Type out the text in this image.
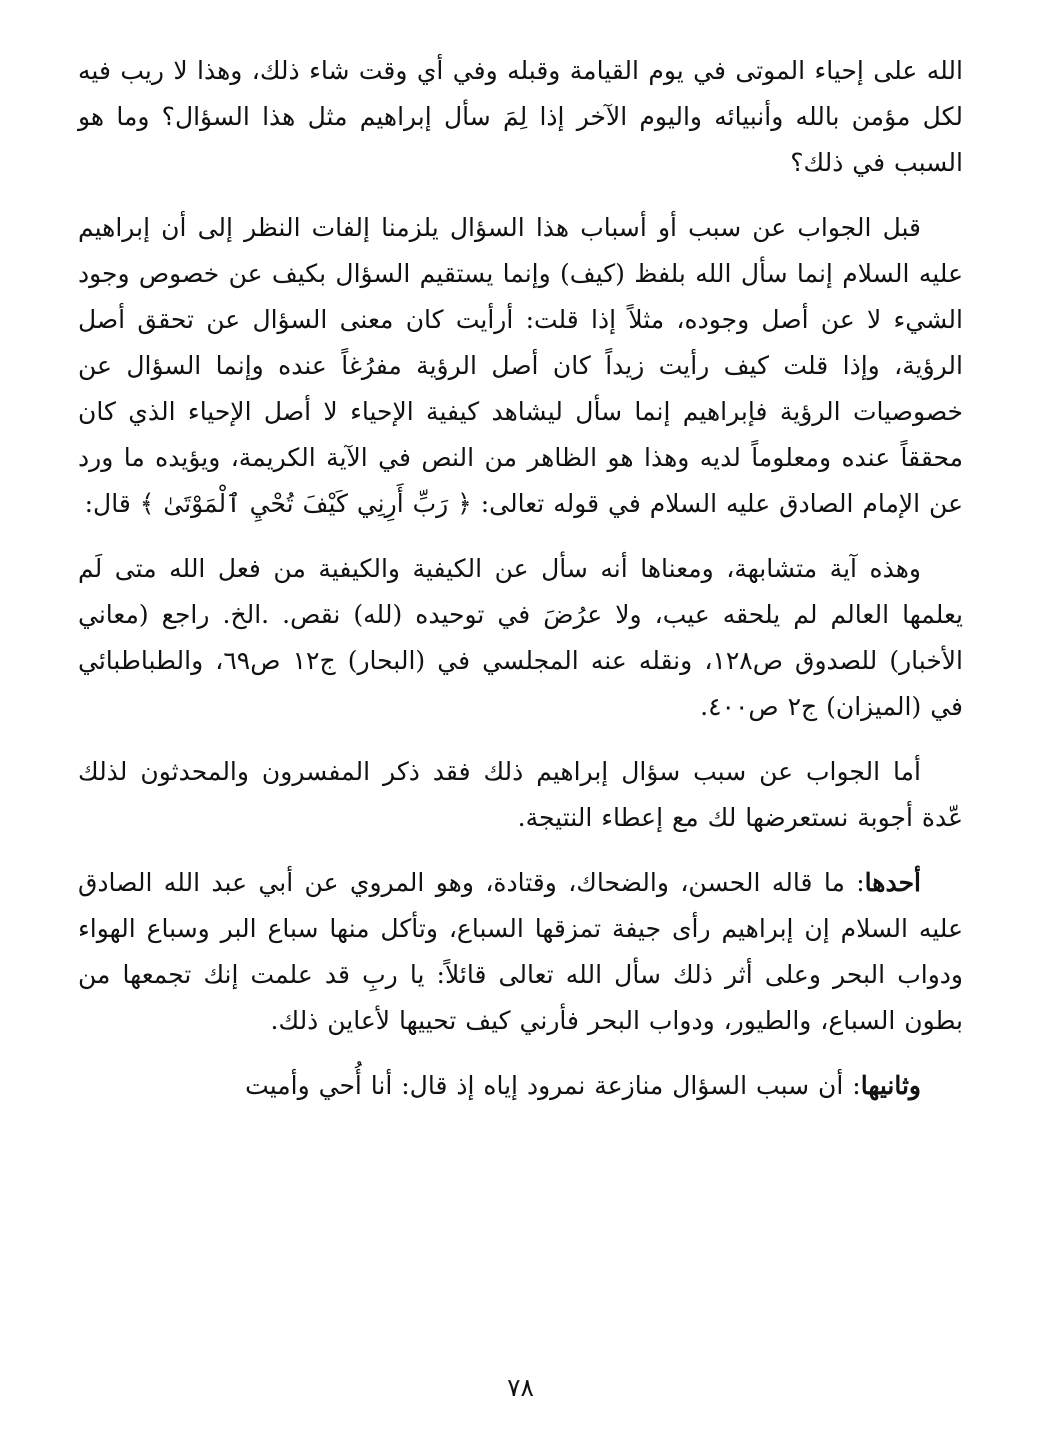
الله على إحياء الموتى في يوم القيامة وقبله وفي أي وقت شاء ذلك، وهذا لا ريب فيه لكل مؤمن بالله وأنبيائه واليوم الآخر إذا لِمَ سأل إبراهيم مثل هذا السؤال؟ وما هو السبب في ذلك؟

قبل الجواب عن سبب أو أسباب هذا السؤال يلزمنا إلفات النظر إلى أن إبراهيم عليه السلام إنما سأل الله بلفظ (كيف) وإنما يستقيم السؤال بكيف عن خصوص وجود الشيء لا عن أصل وجوده، مثلاً إذا قلت: أرأيت كان معنى السؤال عن تحقق أصل الرؤية، وإذا قلت كيف رأيت زيداً كان أصل الرؤية مفرُغاً عنده وإنما السؤال عن خصوصيات الرؤية فإبراهيم إنما سأل ليشاهد كيفية الإحياء لا أصل الإحياء الذي كان محققاً عنده ومعلوماً لديه وهذا هو الظاهر من النص في الآية الكريمة، ويؤيده ما ورد عن الإمام الصادق عليه السلام في قوله تعالى: ﴿ رَبِّ أَرِنِي كَيْفَ تُحْيِ ٱلْمَوْتَىٰ ﴾ قال:

وهذه آية متشابهة، ومعناها أنه سأل عن الكيفية والكيفية من فعل الله متى لَم يعلمها العالم لم يلحقه عيب، ولا عرُضَ في توحيده (لله) نقص. .الخ. راجع (معاني الأخبار) للصدوق ص١٢٨، ونقله عنه المجلسي في (البحار) ج١٢ ص٦٩، والطباطبائي في (الميزان) ج٢ ص٤٠٠.

أما الجواب عن سبب سؤال إبراهيم ذلك فقد ذكر المفسرون والمحدثون لذلك عّدة أجوبة نستعرضها لك مع إعطاء النتيجة.

أحدها: ما قاله الحسن، والضحاك، وقتادة، وهو المروي عن أبي عبد الله الصادق عليه السلام إن إبراهيم رأى جيفة تمزقها السباع، وتأكل منها سباع البر وسباع الهواء ودواب البحر وعلى أثر ذلك سأل الله تعالى قائلاً: يا ربِ قد علمت إنك تجمعها من بطون السباع، والطيور، ودواب البحر فأرني كيف تحييها لأعاين ذلك.

وثانيها: أن سبب السؤال منازعة نمرود إياه إذ قال: أنا أُحي وأميت

٧٨
